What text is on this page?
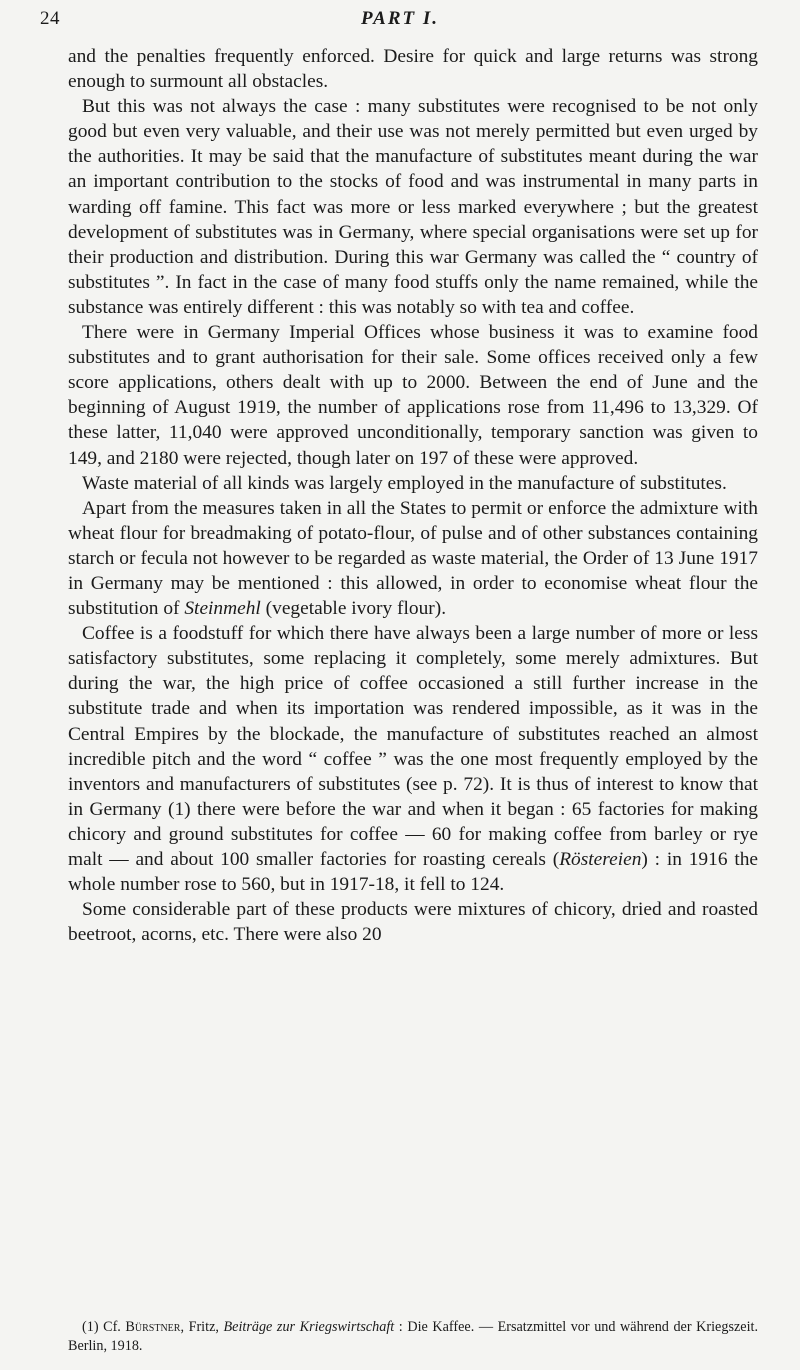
24	PART I.

and the penalties frequently enforced. Desire for quick and large returns was strong enough to surmount all obstacles.

But this was not always the case : many substitutes were recognised to be not only good but even very valuable, and their use was not merely permitted but even urged by the authorities. It may be said that the manufacture of substitutes meant during the war an important contribution to the stocks of food and was instrumental in many parts in warding off famine. This fact was more or less marked everywhere ; but the greatest development of substitutes was in Germany, where special organisations were set up for their production and distribution. During this war Germany was called the “ country of substitutes ”. In fact in the case of many food stuffs only the name remained, while the substance was entirely different : this was notably so with tea and coffee.

There were in Germany Imperial Offices whose business it was to examine food substitutes and to grant authorisation for their sale. Some offices received only a few score applications, others dealt with up to 2000. Between the end of June and the beginning of August 1919, the number of applications rose from 11,496 to 13,329. Of these latter, 11,040 were approved unconditionally, temporary sanction was given to 149, and 2180 were rejected, though later on 197 of these were approved.

Waste material of all kinds was largely employed in the manufacture of substitutes.

Apart from the measures taken in all the States to permit or enforce the admixture with wheat flour for breadmaking of potato-flour, of pulse and of other substances containing starch or fecula not however to be regarded as waste material, the Order of 13 June 1917 in Germany may be mentioned : this allowed, in order to economise wheat flour the substitution of Steinmehl (vegetable ivory flour).

Coffee is a foodstuff for which there have always been a large number of more or less satisfactory substitutes, some replacing it completely, some merely admixtures. But during the war, the high price of coffee occasioned a still further increase in the substitute trade and when its importation was rendered impossible, as it was in the Central Empires by the blockade, the manufacture of substitutes reached an almost incredible pitch and the word “ coffee ” was the one most frequently employed by the inventors and manufacturers of substitutes (see p. 72). It is thus of interest to know that in Germany (1) there were before the war and when it began : 65 factories for making chicory and ground substitutes for coffee — 60 for making coffee from barley or rye malt — and about 100 smaller factories for roasting cereals (Röstereien) : in 1916 the whole number rose to 560, but in 1917-18, it fell to 124.

Some considerable part of these products were mixtures of chicory, dried and roasted beetroot, acorns, etc. There were also 20

(1) Cf. Bürstner, Fritz, Beiträge zur Kriegswirtschaft : Die Kaffee. — Ersatzmittel vor und während der Kriegszeit. Berlin, 1918.
